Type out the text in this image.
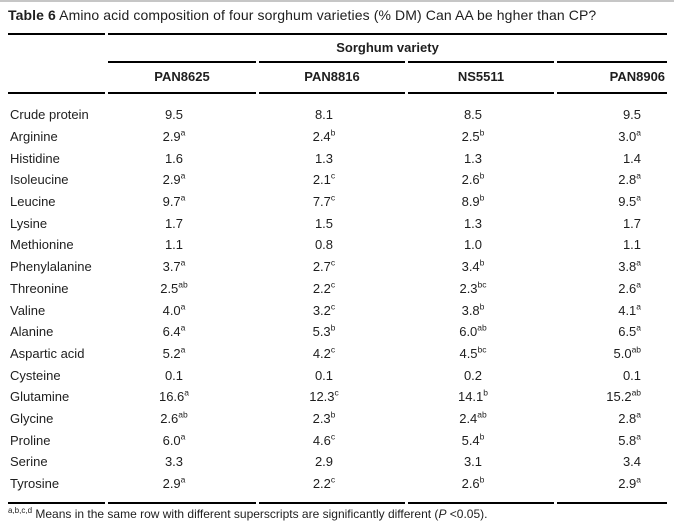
Table 6 Amino acid composition of four sorghum varieties (% DM) Can AA be hgher than CP?
	Sorghum variety			
	PAN8625	PAN8816	NS5511	PAN8906
Crude protein	9.5	8.1	8.5	9.5
Arginine	2.9$^a$	2.4$^b$	2.5$^b$	3.0$^a$
Histidine	1.6	1.3	1.3	1.4
Isoleucine	2.9$^a$	2.1$^c$	2.6$^b$	2.8$^a$
Leucine	9.7$^a$	7.7$^c$	8.9$^b$	9.5$^a$
Lysine	1.7	1.5	1.3	1.7
Methionine	1.1	0.8	1.0	1.1
Phenylalanine	3.7$^a$	2.7$^c$	3.4$^b$	3.8$^a$
Threonine	2.5$^{ab}$	2.2$^c$	2.3$^{bc}$	2.6$^a$
Valine	4.0$^a$	3.2$^c$	3.8$^b$	4.1$^a$
Alanine	6.4$^a$	5.3$^b$	6.0$^{ab}$	6.5$^a$
Aspartic acid	5.2$^a$	4.2$^c$	4.5$^{bc}$	5.0$^{ab}$
Cysteine	0.1	0.1	0.2	0.1
Glutamine	16.6$^a$	12.3$^c$	14.1$^b$	15.2$^{ab}$
Glycine	2.6$^{ab}$	2.3$^b$	2.4$^{ab}$	2.8$^a$
Proline	6.0$^a$	4.6$^c$	5.4$^b$	5.8$^a$
Serine	3.3	2.9	3.1	3.4
Tyrosine	2.9$^a$	2.2$^c$	2.6$^b$	2.9$^a$
$^{a,b,c,d}$ Means in the same row with different superscripts are significantly different (P <0.05).
